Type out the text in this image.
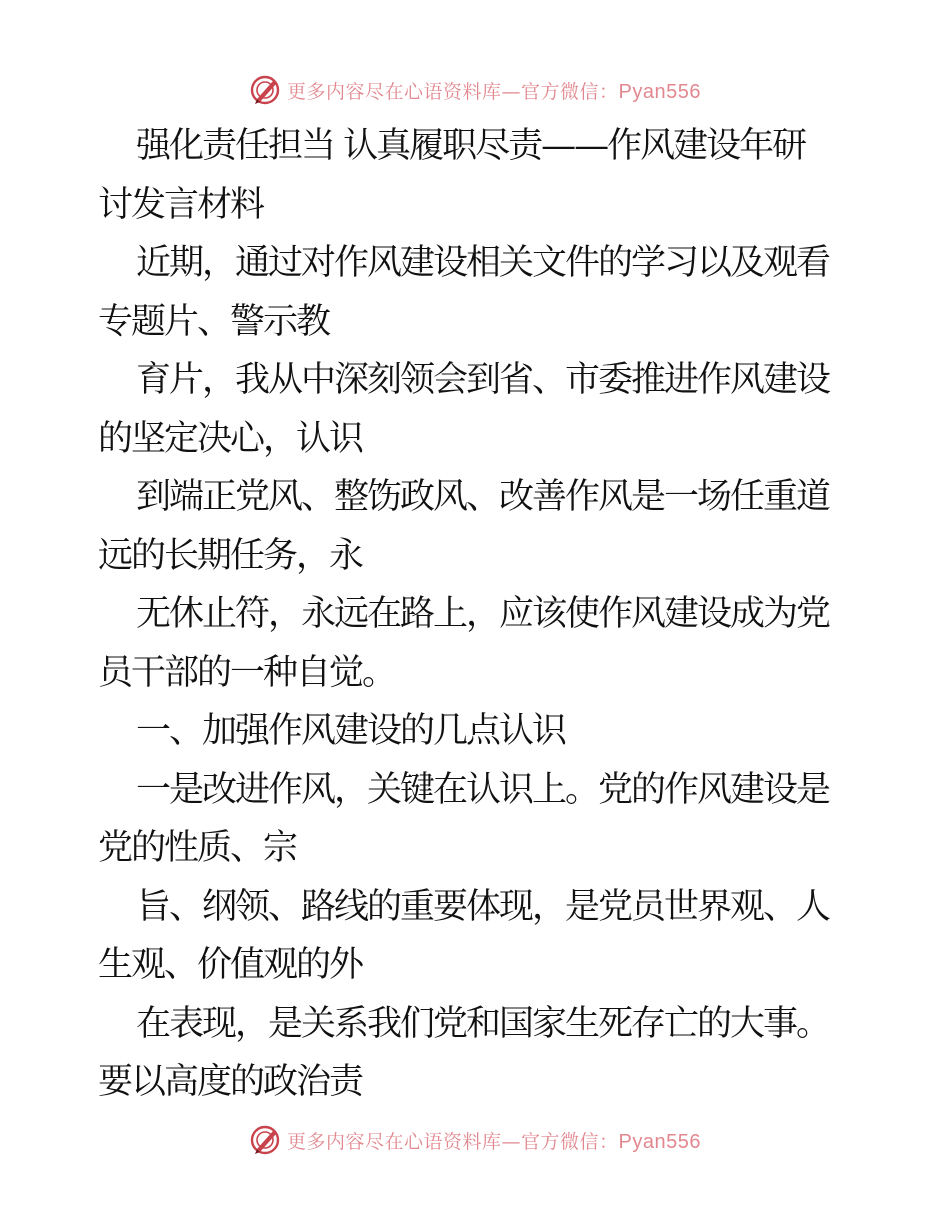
更多内容尽在心语资料库—官方微信：Pyan556
强化责任担当 认真履职尽责——作风建设年研
讨发言材料
近期，通过对作风建设相关文件的学习以及观看
专题片、警示教
育片，我从中深刻领会到省、市委推进作风建设
的坚定决心，认识
到端正党风、整饬政风、改善作风是一场任重道
远的长期任务，永
无休止符，永远在路上，应该使作风建设成为党
员干部的一种自觉。
一、加强作风建设的几点认识
一是改进作风，关键在认识上。党的作风建设是
党的性质、宗
旨、纲领、路线的重要体现，是党员世界观、人
生观、价值观的外
在表现，是关系我们党和国家生死存亡的大事。
要以高度的政治责
更多内容尽在心语资料库—官方微信：Pyan556
